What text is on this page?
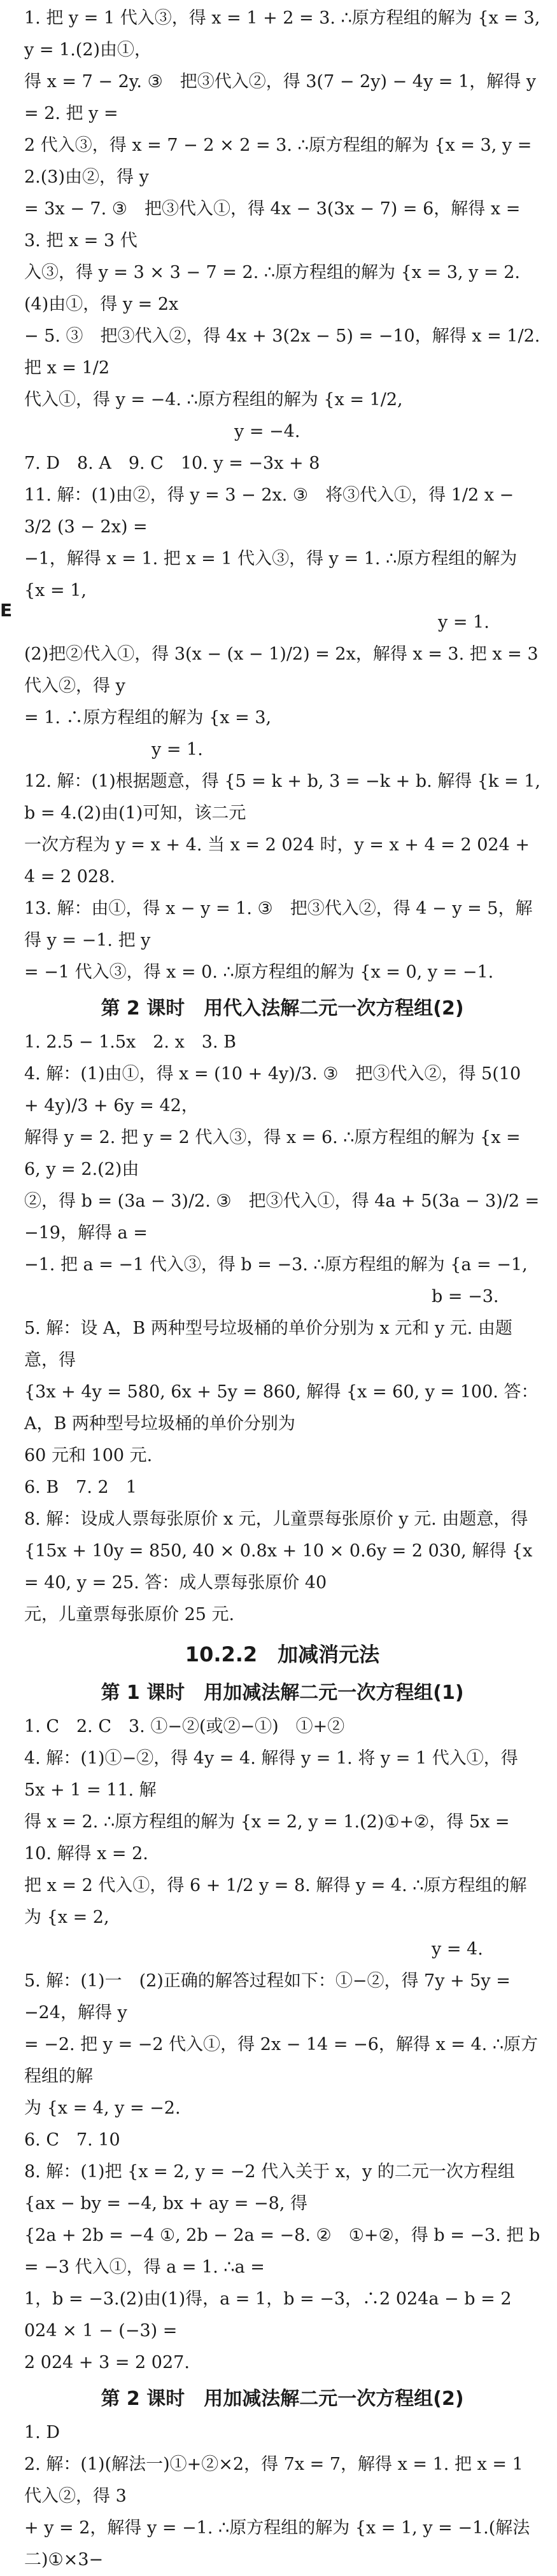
E

1. 把 y = 1 代入③，得 x = 1 + 2 = 3. ∴原方程组的解为 {x = 3, y = 1.(2)由①，

得 x = 7 − 2y. ③　把③代入②，得 3(7 − 2y) − 4y = 1，解得 y = 2. 把 y =

2 代入③，得 x = 7 − 2 × 2 = 3. ∴原方程组的解为 {x = 3, y = 2.(3)由②，得 y

= 3x − 7. ③　把③代入①，得 4x − 3(3x − 7) = 6，解得 x = 3. 把 x = 3 代

入③，得 y = 3 × 3 − 7 = 2. ∴原方程组的解为 {x = 3, y = 2.(4)由①，得 y = 2x

− 5. ③　把③代入②，得 4x + 3(2x − 5) = −10，解得 x = 1/2. 把 x = 1/2

代入①，得 y = −4. ∴原方程组的解为 {x = 1/2,

y = −4.

7. D　8. A　9. C　10. y = −3x + 8

11. 解：(1)由②，得 y = 3 − 2x. ③　将③代入①，得 1/2 x − 3/2 (3 − 2x) =

−1，解得 x = 1. 把 x = 1 代入③，得 y = 1. ∴原方程组的解为 {x = 1,

y = 1.

(2)把②代入①，得 3(x − (x − 1)/2) = 2x，解得 x = 3. 把 x = 3 代入②，得 y

= 1. ∴原方程组的解为 {x = 3,

y = 1.

12. 解：(1)根据题意，得 {5 = k + b, 3 = −k + b. 解得 {k = 1, b = 4.(2)由(1)可知，该二元

一次方程为 y = x + 4. 当 x = 2 024 时，y = x + 4 = 2 024 + 4 = 2 028.

13. 解：由①，得 x − y = 1. ③　把③代入②，得 4 − y = 5，解得 y = −1. 把 y

= −1 代入③，得 x = 0. ∴原方程组的解为 {x = 0, y = −1.

第 2 课时　用代入法解二元一次方程组(2)

1. 2.5 − 1.5x　2. x　3. B

4. 解：(1)由①，得 x = (10 + 4y)/3. ③　把③代入②，得 5(10 + 4y)/3 + 6y = 42，

解得 y = 2. 把 y = 2 代入③，得 x = 6. ∴原方程组的解为 {x = 6, y = 2.(2)由

②，得 b = (3a − 3)/2. ③　把③代入①，得 4a + 5(3a − 3)/2 = −19，解得 a =

−1. 把 a = −1 代入③，得 b = −3. ∴原方程组的解为 {a = −1,

b = −3.

5. 解：设 A，B 两种型号垃圾桶的单价分别为 x 元和 y 元. 由题意，得

{3x + 4y = 580, 6x + 5y = 860, 解得 {x = 60, y = 100. 答：A，B 两种型号垃圾桶的单价分别为

60 元和 100 元.

6. B　7. 2　1

8. 解：设成人票每张原价 x 元，儿童票每张原价 y 元. 由题意，得

{15x + 10y = 850, 40 × 0.8x + 10 × 0.6y = 2 030, 解得 {x = 40, y = 25. 答：成人票每张原价 40

元，儿童票每张原价 25 元.

10.2.2　加减消元法
第 1 课时　用加减法解二元一次方程组(1)

1. C　2. C　3. ①−②(或②−①)　①+②

4. 解：(1)①−②，得 4y = 4. 解得 y = 1. 将 y = 1 代入①，得 5x + 1 = 11. 解

得 x = 2. ∴原方程组的解为 {x = 2, y = 1.(2)①+②，得 5x = 10. 解得 x = 2.

把 x = 2 代入①，得 6 + 1/2 y = 8. 解得 y = 4. ∴原方程组的解为 {x = 2,

y = 4.

5. 解：(1)一　(2)正确的解答过程如下：①−②，得 7y + 5y = −24，解得 y

= −2. 把 y = −2 代入①，得 2x − 14 = −6，解得 x = 4. ∴原方程组的解

为 {x = 4, y = −2.

6. C　7. 10

8. 解：(1)把 {x = 2, y = −2 代入关于 x，y 的二元一次方程组 {ax − by = −4, bx + ay = −8, 得

{2a + 2b = −4 ①, 2b − 2a = −8. ②　①+②，得 b = −3. 把 b = −3 代入①，得 a = 1. ∴a =

1，b = −3.(2)由(1)得，a = 1，b = −3，∴2 024a − b = 2 024 × 1 − (−3) =

2 024 + 3 = 2 027.

第 2 课时　用加减法解二元一次方程组(2)

1. D

2. 解：(1)(解法一)①+②×2，得 7x = 7，解得 x = 1. 把 x = 1 代入②，得 3

+ y = 2，解得 y = −1. ∴原方程组的解为 {x = 1, y = −1.(解法二)①×3−
